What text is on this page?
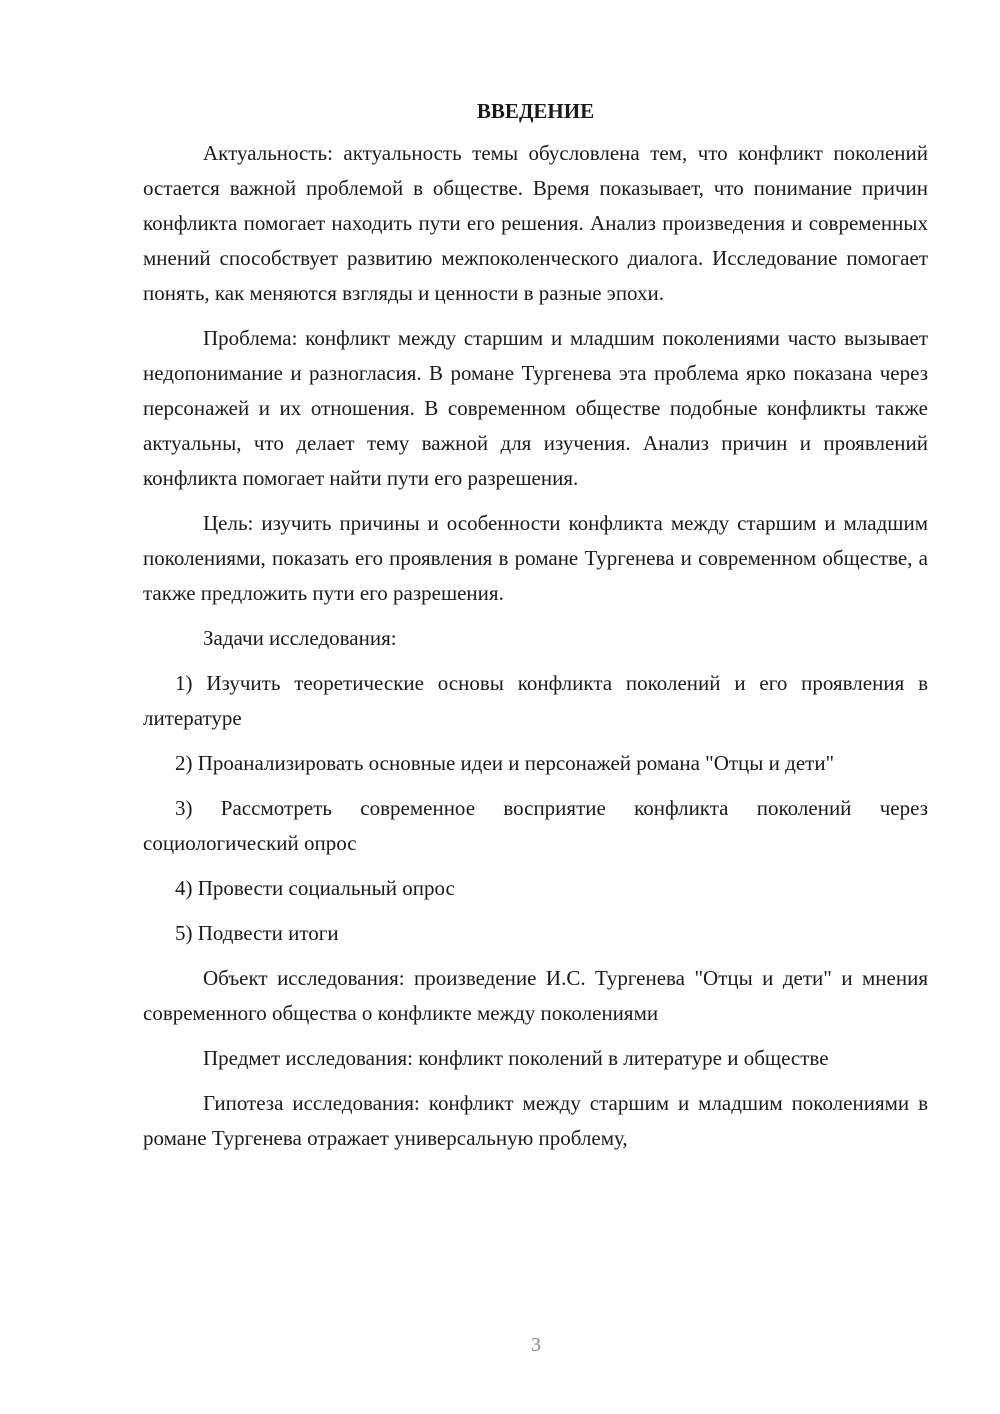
ВВЕДЕНИЕ

Актуальность: актуальность темы обусловлена тем, что конфликт поколений остается важной проблемой в обществе. Время показывает, что понимание причин конфликта помогает находить пути его решения. Анализ произведения и современных мнений способствует развитию межпоколенческого диалога. Исследование помогает понять, как меняются взгляды и ценности в разные эпохи.

Проблема: конфликт между старшим и младшим поколениями часто вызывает недопонимание и разногласия. В романе Тургенева эта проблема ярко показана через персонажей и их отношения. В современном обществе подобные конфликты также актуальны, что делает тему важной для изучения. Анализ причин и проявлений конфликта помогает найти пути его разрешения.

Цель: изучить причины и особенности конфликта между старшим и младшим поколениями, показать его проявления в романе Тургенева и современном обществе, а также предложить пути его разрешения.

Задачи исследования:

1) Изучить теоретические основы конфликта поколений и его проявления в литературе

2) Проанализировать основные идеи и персонажей романа "Отцы и дети"

3) Рассмотреть современное восприятие конфликта поколений через социологический опрос

4) Провести социальный опрос

5) Подвести итоги

Объект исследования: произведение И.С. Тургенева "Отцы и дети" и мнения современного общества о конфликте между поколениями

Предмет исследования: конфликт поколений в литературе и обществе

Гипотеза исследования: конфликт между старшим и младшим поколениями в романе Тургенева отражает универсальную проблему,

3
